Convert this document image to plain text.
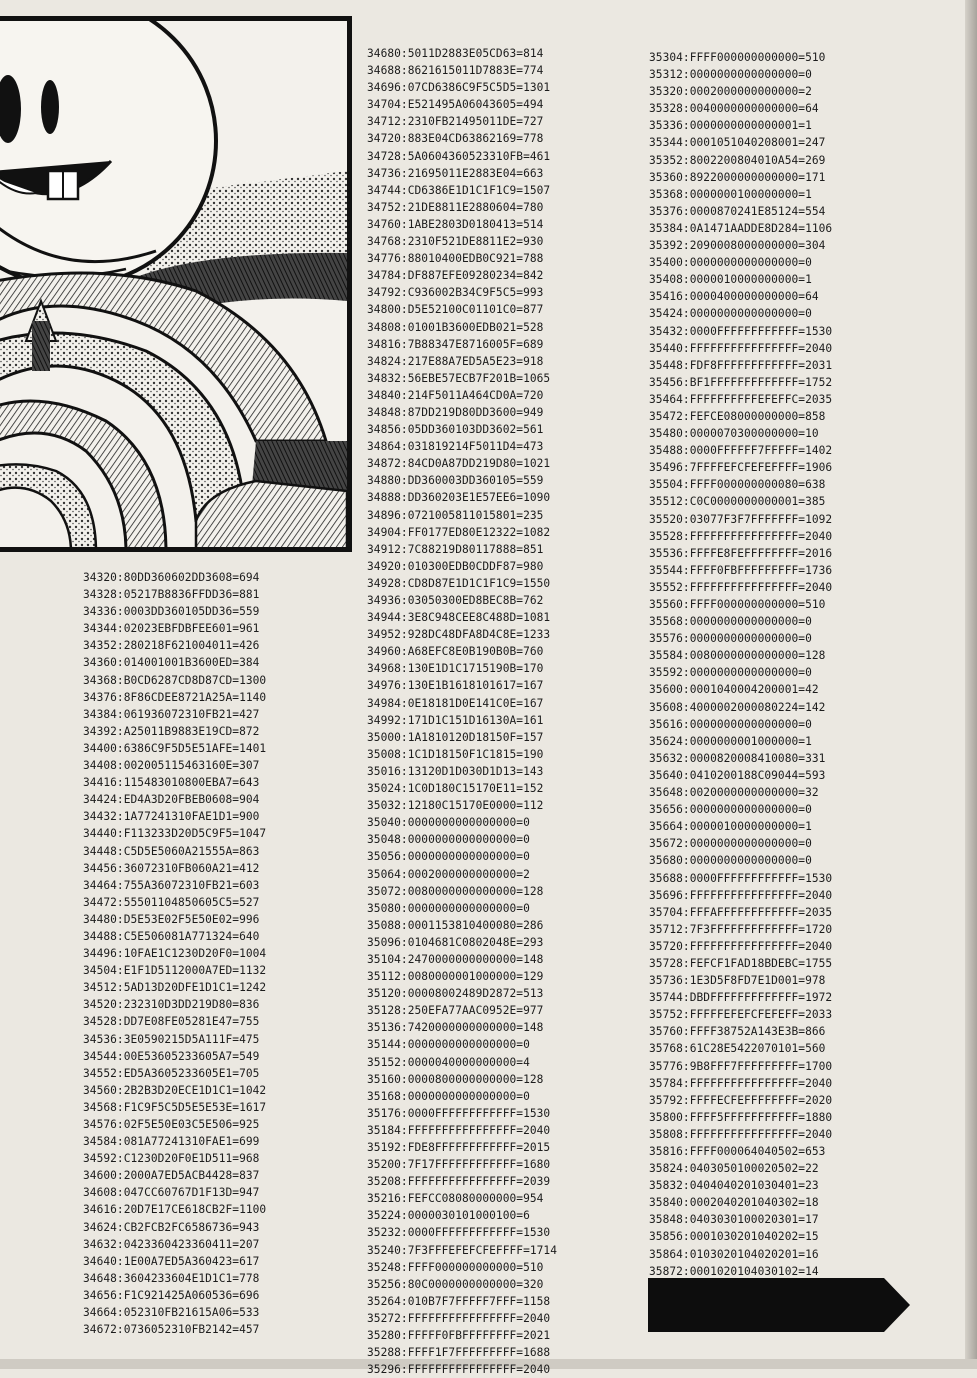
34320:80DD360602DD3608=694
34328:05217B8836FFDD36=881
34336:0003DD360105DD36=559
34344:02023EBFDBFEE601=961
34352:280218F621004011=426
34360:014001001B3600ED=384
34368:B0CD6287CD8D87CD=1300
34376:8F86CDEE8721A25A=1140
34384:061936072310FB21=427
34392:A25011B9883E19CD=872
34400:6386C9F5D5E51AFE=1401
34408:002005115463160E=307
34416:115483010800EBA7=643
34424:ED4A3D20FBEB0608=904
34432:1A77241310FAE1D1=900
34440:F113233D20D5C9F5=1047
34448:C5D5E5060A21555A=863
34456:36072310FB060A21=412
34464:755A36072310FB21=603
34472:55501104850605C5=527
34480:D5E53E02F5E50E02=996
34488:C5E506081A771324=640
34496:10FAE1C1230D20F0=1004
34504:E1F1D5112000A7ED=1132
34512:5AD13D20DFE1D1C1=1242
34520:232310D3DD219D80=836
34528:DD7E08FE05281E47=755
34536:3E0590215D5A111F=475
34544:00E53605233605A7=549
34552:ED5A3605233605E1=705
34560:2B2B3D20ECE1D1C1=1042
34568:F1C9F5C5D5E5E53E=1617
34576:02F5E50E03C5E506=925
34584:081A77241310FAE1=699
34592:C1230D20F0E1D511=968
34600:2000A7ED5ACB4428=837
34608:047CC60767D1F13D=947
34616:20D7E17CE618CB2F=1100
34624:CB2FCB2FC6586736=943
34632:0423360423360411=207
34640:1E00A7ED5A360423=617
34648:3604233604E1D1C1=778
34656:F1C921425A060536=696
34664:052310FB21615A06=533
34672:0736052310FB2142=457
34680:5011D2883E05CD63=814
34688:8621615011D7883E=774
34696:07CD6386C9F5C5D5=1301
34704:E521495A06043605=494
34712:2310FB21495011DE=727
34720:883E04CD63862169=778
34728:5A0604360523310FB=461
34736:21695011E2883E04=663
34744:CD6386E1D1C1F1C9=1507
34752:21DE8811E2880604=780
34760:1ABE2803D0180413=514
34768:2310F521DE8811E2=930
34776:88010400EDB0C921=788
34784:DF887EFE09280234=842
34792:C936002B34C9F5C5=993
34800:D5E52100C01101C0=877
34808:01001B3600EDB021=528
34816:7B88347E8716005F=689
34824:217E88A7ED5A5E23=918
34832:56EBE57ECB7F201B=1065
34840:214F5011A464CD0A=720
34848:87DD219D80DD3600=949
34856:05DD360103DD3602=561
34864:031819214F5011D4=473
34872:84CD0A87DD219D80=1021
34880:DD360003DD360105=559
34888:DD360203E1E57EE6=1090
34896:0721005811015801=235
34904:FF0177ED80E12322=1082
34912:7C88219D80117888=851
34920:010300EDB0CDDF87=980
34928:CD8D87E1D1C1F1C9=1550
34936:03050300ED8BEC8B=762
34944:3E8C948CEE8C488D=1081
34952:928DC48DFA8D4C8E=1233
34960:A68EFC8E0B190B0B=760
34968:130E1D1C1715190B=170
34976:130E1B1618101617=167
34984:0E18181D0E141C0E=167
34992:171D1C151D16130A=161
35000:1A1810120D18150F=157
35008:1C1D18150F1C1815=190
35016:13120D1D030D1D13=143
35024:1C0D180C15170E11=152
35032:12180C15170E0000=112
35040:0000000000000000=0
35048:0000000000000000=0
35056:0000000000000000=0
35064:0002000000000000=2
35072:0080000000000000=128
35080:0000000000000000=0
35088:0001153810400080=286
35096:0104681C0802048E=293
35104:2470000000000000=148
35112:0080000001000000=129
35120:00008002489D2872=513
35128:250EFA77AAC0952E=977
35136:7420000000000000=148
35144:0000000000000000=0
35152:0000040000000000=4
35160:0000800000000000=128
35168:0000000000000000=0
35176:0000FFFFFFFFFFFF=1530
35184:FFFFFFFFFFFFFFFF=2040
35192:FDE8FFFFFFFFFFFF=2015
35200:7F17FFFFFFFFFFFF=1680
35208:FFFFFFFFFFFFFFFF=2039
35216:FEFCC08080000000=954
35224:0000030101000100=6
35232:0000FFFFFFFFFFFF=1530
35240:7F3FFFEFEFCFEFFFF=1714
35248:FFFF000000000000=510
35256:80C0000000000000=320
35264:010B7F7FFFFF7FFF=1158
35272:FFFFFFFFFFFFFFFF=2040
35280:FFFFF0FBFFFFFFFF=2021
35288:FFFF1F7FFFFFFFFF=1688
35296:FFFFFFFFFFFFFFFF=2040
35304:FFFF000000000000=510
35312:0000000000000000=0
35320:0002000000000000=2
35328:0040000000000000=64
35336:0000000000000001=1
35344:0001051040208001=247
35352:8002200804010A54=269
35360:8922000000000000=171
35368:0000000100000000=1
35376:0000870241E85124=554
35384:0A1471AADDE8D284=1106
35392:2090008000000000=304
35400:0000000000000000=0
35408:0000010000000000=1
35416:0000400000000000=64
35424:0000000000000000=0
35432:0000FFFFFFFFFFFF=1530
35440:FFFFFFFFFFFFFFFF=2040
35448:FDF8FFFFFFFFFFFF=2031
35456:BF1FFFFFFFFFFFFF=1752
35464:FFFFFFFFFFEFEFFC=2035
35472:FEFCE08000000000=858
35480:0000070300000000=10
35488:0000FFFFFF7FFFFF=1402
35496:7FFFFEFCFEFEFFFF=1906
35504:FFFF000000000080=638
35512:C0C0000000000001=385
35520:03077F3F7FFFFFFF=1092
35528:FFFFFFFFFFFFFFFF=2040
35536:FFFFE8FEFFFFFFFF=2016
35544:FFFF0FBFFFFFFFFF=1736
35552:FFFFFFFFFFFFFFFF=2040
35560:FFFF000000000000=510
35568:0000000000000000=0
35576:0000000000000000=0
35584:0080000000000000=128
35592:0000000000000000=0
35600:0001040004200001=42
35608:4000002000080224=142
35616:0000000000000000=0
35624:0000000001000000=1
35632:0000820008410080=331
35640:0410200188C09044=593
35648:0020000000000000=32
35656:0000000000000000=0
35664:0000010000000000=1
35672:0000000000000000=0
35680:0000000000000000=0
35688:0000FFFFFFFFFFFF=1530
35696:FFFFFFFFFFFFFFFF=2040
35704:FFFAFFFFFFFFFFFF=2035
35712:7F3FFFFFFFFFFFFF=1720
35720:FFFFFFFFFFFFFFFF=2040
35728:FEFCF1FAD18BDEBC=1755
35736:1E3D5F8FD7E1D001=978
35744:DBDFFFFFFFFFFFFF=1972
35752:FFFFFEFEFCFEFEFF=2033
35760:FFFF38752A143E3B=866
35768:61C28E5422070101=560
35776:9B8FFF7FFFFFFFFF=1700
35784:FFFFFFFFFFFFFFFF=2040
35792:FFFFECFEFFFFFFFF=2020
35800:FFFF5FFFFFFFFFFF=1880
35808:FFFFFFFFFFFFFFFF=2040
35816:FFFF000064040502=653
35824:0403050100020502=22
35832:0404040201030401=23
35840:0002040201040302=18
35848:0403030100020301=17
35856:0001030201040202=15
35864:0103020104020201=16
35872:0001020104030102=14
